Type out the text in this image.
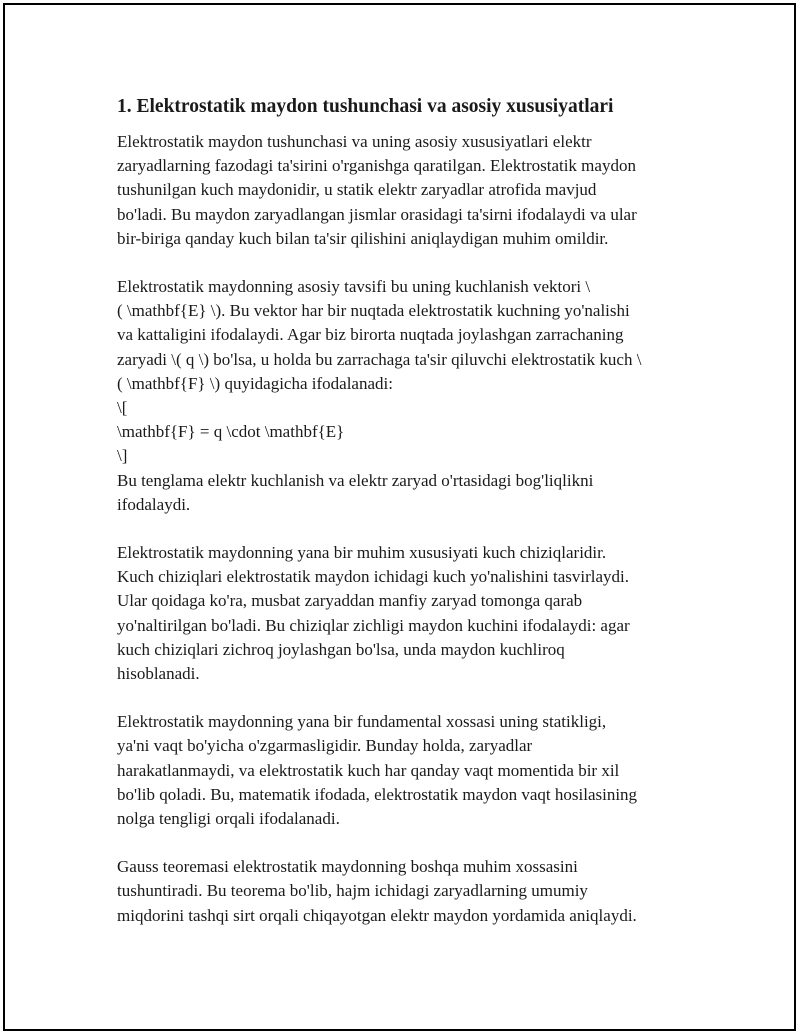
1. Elektrostatik maydon tushunchasi va asosiy xususiyatlari

Elektrostatik maydon tushunchasi va uning asosiy xususiyatlari elektr
zaryadlarning fazodagi ta'sirini o'rganishga qaratilgan. Elektrostatik maydon
tushunilgan kuch maydonidir, u statik elektr zaryadlar atrofida mavjud
bo'ladi. Bu maydon zaryadlangan jismlar orasidagi ta'sirni ifodalaydi va ular
bir-biriga qanday kuch bilan ta'sir qilishini aniqlaydigan muhim omildir.

Elektrostatik maydonning asosiy tavsifi bu uning kuchlanish vektori \
( \mathbf{E} \). Bu vektor har bir nuqtada elektrostatik kuchning yo'nalishi
va kattaligini ifodalaydi. Agar biz birorta nuqtada joylashgan zarrachaning
zaryadi \( q \) bo'lsa, u holda bu zarrachaga ta'sir qiluvchi elektrostatik kuch \
( \mathbf{F} \) quyidagicha ifodalanadi:
\[
\mathbf{F} = q \cdot \mathbf{E}
\]
Bu tenglama elektr kuchlanish va elektr zaryad o'rtasidagi bog'liqlikni
ifodalaydi.

Elektrostatik maydonning yana bir muhim xususiyati kuch chiziqlaridir.
Kuch chiziqlari elektrostatik maydon ichidagi kuch yo'nalishini tasvirlaydi.
Ular qoidaga ko'ra, musbat zaryaddan manfiy zaryad tomonga qarab
yo'naltirilgan bo'ladi. Bu chiziqlar zichligi maydon kuchini ifodalaydi: agar
kuch chiziqlari zichroq joylashgan bo'lsa, unda maydon kuchliroq
hisoblanadi.

Elektrostatik maydonning yana bir fundamental xossasi uning statikligi,
ya'ni vaqt bo'yicha o'zgarmasligidir. Bunday holda, zaryadlar
harakatlanmaydi, va elektrostatik kuch har qanday vaqt momentida bir xil
bo'lib qoladi. Bu, matematik ifodada, elektrostatik maydon vaqt hosilasining
nolga tengligi orqali ifodalanadi.

Gauss teoremasi elektrostatik maydonning boshqa muhim xossasini
tushuntiradi. Bu teorema bo'lib, hajm ichidagi zaryadlarning umumiy
miqdorini tashqi sirt orqali chiqayotgan elektr maydon yordamida aniqlaydi.
